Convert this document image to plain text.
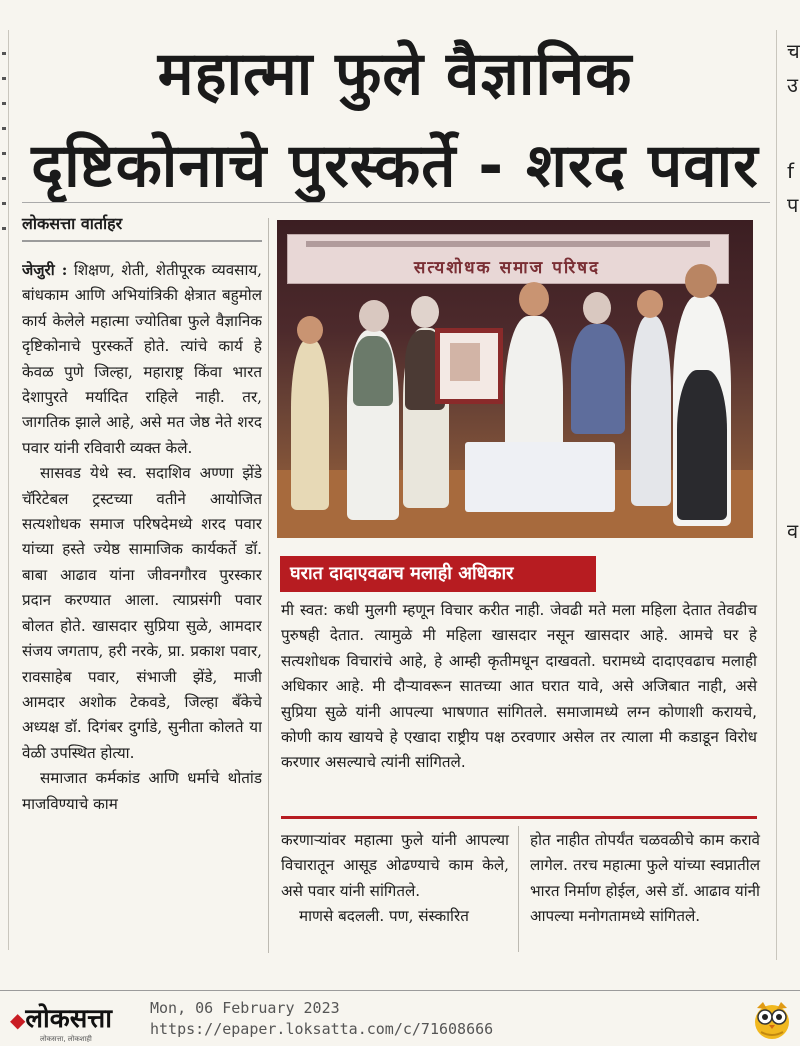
च
उ
f
प
व
महात्मा फुले वैज्ञानिक
दृष्टिकोनाचे पुरस्कर्ते - शरद पवार
लोकसत्ता वार्ताहर

जेजुरी : शिक्षण, शेती, शेतीपूरक व्यवसाय, बांधकाम आणि अभियांत्रिकी क्षेत्रात बहुमोल कार्य केलेले महात्मा ज्योतिबा फुले वैज्ञानिक दृष्टिकोनाचे पुरस्कर्ते होते. त्यांचे कार्य हे केवळ पुणे जिल्हा, महाराष्ट्र किंवा भारत देशापुरते मर्यादित राहिले नाही. तर, जागतिक झाले आहे, असे मत जेष्ठ नेते शरद पवार यांनी रविवारी व्यक्त केले.

सासवड येथे स्व. सदाशिव अण्णा झेंडे चॅरिटेबल ट्रस्टच्या वतीने आयोजित सत्यशोधक समाज परिषदेमध्ये शरद पवार यांच्या हस्ते ज्येष्ठ सामाजिक कार्यकर्ते डॉ. बाबा आढाव यांना जीवनगौरव पुरस्कार प्रदान करण्यात आला. त्याप्रसंगी पवार बोलत होते. खासदार सुप्रिया सुळे, आमदार संजय जगताप, हरी नरके, प्रा. प्रकाश पवार, रावसाहेब पवार, संभाजी झेंडे, माजी आमदार अशोक टेकवडे, जिल्हा बँकेचे अध्यक्ष डॉ. दिगंबर दुर्गाडे, सुनीता कोलते या वेळी उपस्थित होत्या.

समाजात कर्मकांड आणि धर्माचे थोतांड माजविण्याचे काम

सत्यशोधक समाज परिषद
घरात दादाएवढाच मलाही अधिकार
मी स्वत: कधी मुलगी म्हणून विचार करीत नाही. जेवढी मते मला महिला देतात तेवढीच पुरुषही देतात. त्यामुळे मी महिला खासदार नसून खासदार आहे. आमचे घर हे सत्यशोधक विचारांचे आहे, हे आम्ही कृतीमधून दाखवतो. घरामध्ये दादाएवढाच मलाही अधिकार आहे. मी दौऱ्यावरून सातच्या आत घरात यावे, असे अजिबात नाही, असे सुप्रिया सुळे यांनी आपल्या भाषणात सांगितले. समाजामध्ये लग्न कोणाशी करायचे, कोणी काय खायचे हे एखादा राष्ट्रीय पक्ष ठरवणार असेल तर त्याला मी कडाडून विरोध करणार असल्याचे त्यांनी सांगितले.

करणाऱ्यांवर महात्मा फुले यांनी आपल्या विचारातून आसूड ओढण्याचे काम केले, असे पवार यांनी सांगितले.

माणसे बदलली. पण, संस्कारित

होत नाहीत तोपर्यंत चळवळीचे काम करावे लागेल. तरच महात्मा फुले यांच्या स्वप्नातील भारत निर्माण होईल, असे डॉ. आढाव यांनी आपल्या मनोगतामध्ये सांगितले.

◆लोकसत्ता
लोकसत्ता, लोकशाही
Mon, 06 February 2023
https://epaper.loksatta.com/c/71608666
